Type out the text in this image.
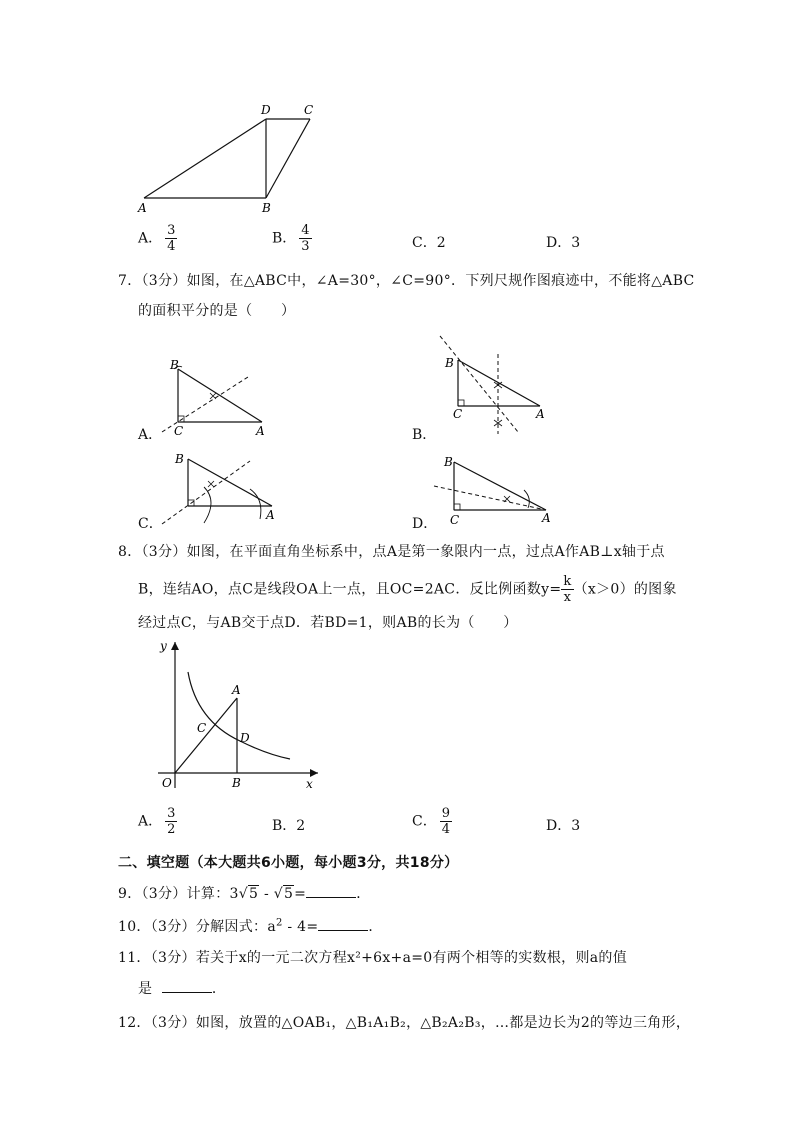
A	B
C
D
A． $\frac{3}{4}$	B． $\frac{4}{3}$	C．2	D．3
7．（3分）如图，在△ABC中，∠A=30°，∠C=90°．下列尺规作图痕迹中，不能将△ABC
的面积平分的是（　　）
A．
B
C	A	B．
B
C	A
C．
B
A
D．
B
C	A
8．（3分）如图，在平面直角坐标系中，点A是第一象限内一点，过点A作AB⊥x轴于点
B，连结AO，点C是线段OA上一点，且OC=2AC．反比例函数$y= \frac{k}{x} (x>0)$的图象
经过点C，与AB交于点D．若BD=1，则AB的长为（　　）
y
x
O
A
B
C
D
A． $\frac{3}{2}$	B．2	C． $\frac{9}{4}$	D．3
二、填空题（本大题共6小题，每小题3分，共18分）
9．（3分）计算：3√5 - √5=	．
10．（3分）分解因式：$a^2 - 4=$	．
11．（3分）若关于x的一元二次方程x²+6x+a=0有两个相等的实数根，则a的值
是	．
12．（3分）如图，放置的△OAB₁，△B₁A₁B₂，△B₂A₂B₃，…都是边长为2的等边三角形，
